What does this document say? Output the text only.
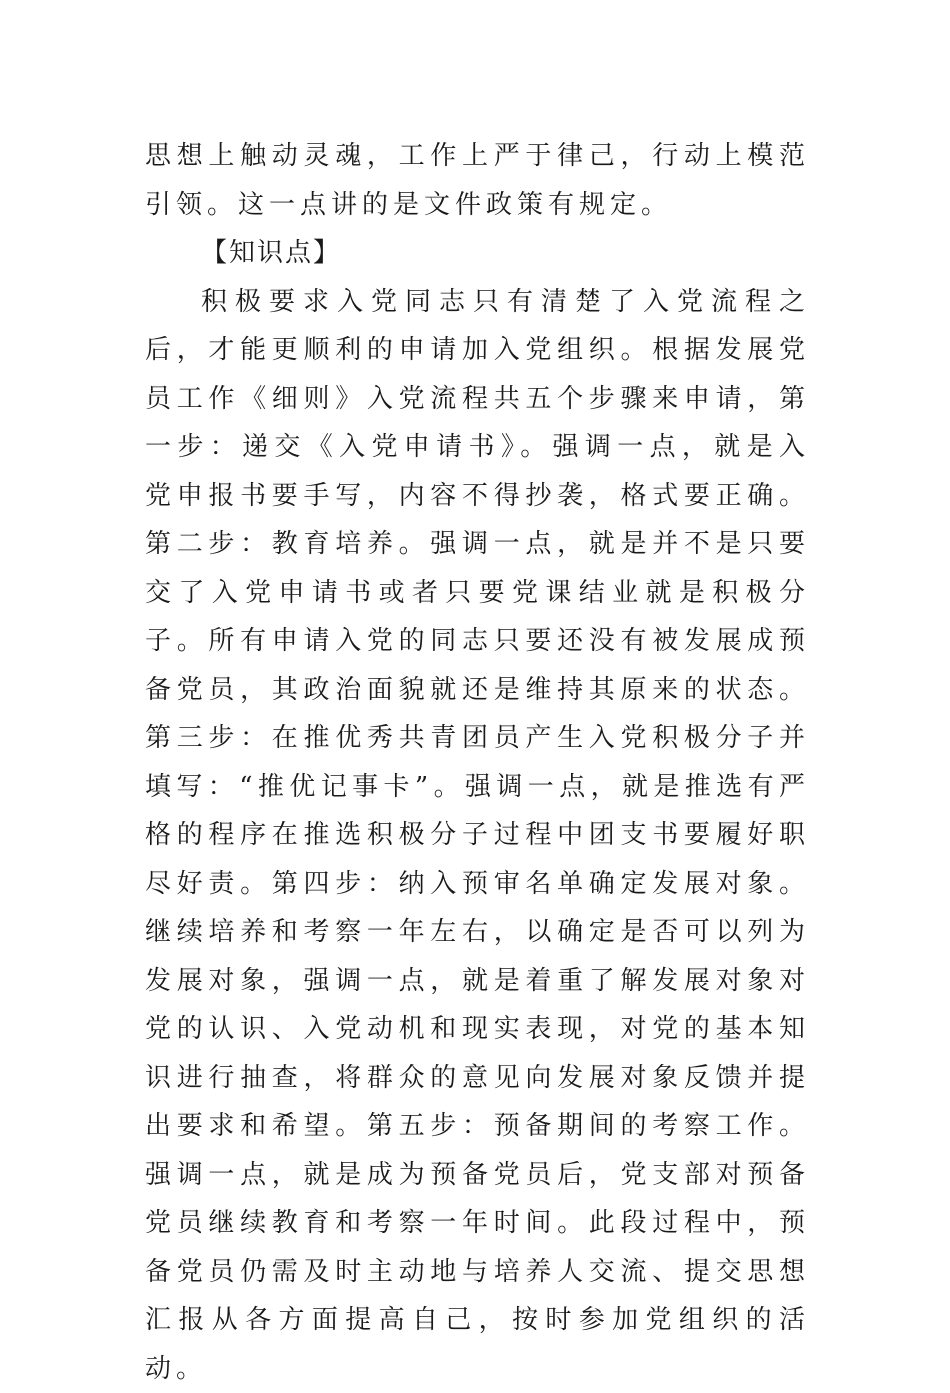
思想上触动灵魂，工作上严于律己，行动上模范引领。这一点讲的是文件政策有规定。

【知识点】

积极要求入党同志只有清楚了入党流程之后，才能更顺利的申请加入党组织。根据发展党员工作《细则》入党流程共五个步骤来申请，第一步：递交《入党申请书》。强调一点，就是入党申报书要手写，内容不得抄袭，格式要正确。第二步：教育培养。强调一点，就是并不是只要交了入党申请书或者只要党课结业就是积极分子。所有申请入党的同志只要还没有被发展成预备党员，其政治面貌就还是维持其原来的状态。第三步：在推优秀共青团员产生入党积极分子并填写：“推优记事卡”。强调一点，就是推选有严格的程序在推选积极分子过程中团支书要履好职尽好责。第四步：纳入预审名单确定发展对象。继续培养和考察一年左右，以确定是否可以列为发展对象，强调一点，就是着重了解发展对象对党的认识、入党动机和现实表现，对党的基本知识进行抽查，将群众的意见向发展对象反馈并提出要求和希望。第五步：预备期间的考察工作。强调一点，就是成为预备党员后，党支部对预备党员继续教育和考察一年时间。此段过程中，预备党员仍需及时主动地与培养人交流、提交思想汇报从各方面提高自己，按时参加党组织的活动。
